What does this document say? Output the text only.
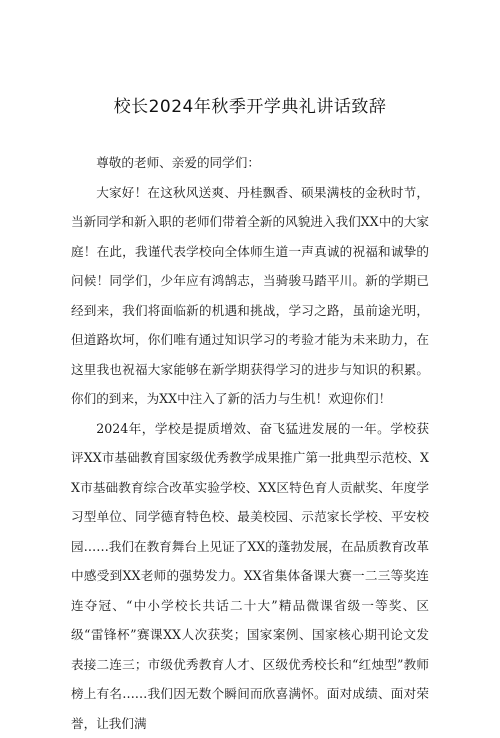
校长2024年秋季开学典礼讲话致辞

尊敬的老师、亲爱的同学们：

大家好！在这秋风送爽、丹桂飘香、硕果满枝的金秋时节，当新同学和新入职的老师们带着全新的风貌进入我们XX中的大家庭！在此，我谨代表学校向全体师生道一声真诚的祝福和诚挚的问候！同学们，少年应有鸿鹄志，当骑骏马踏平川。新的学期已经到来，我们将面临新的机遇和挑战，学习之路，虽前途光明，但道路坎坷，你们唯有通过知识学习的考验才能为未来助力，在这里我也祝福大家能够在新学期获得学习的进步与知识的积累。你们的到来，为XX中注入了新的活力与生机！欢迎你们！

2024年，学校是提质增效、奋飞猛进发展的一年。学校获评XX市基础教育国家级优秀教学成果推广第一批典型示范校、XX市基础教育综合改革实验学校、XX区特色育人贡献奖、年度学习型单位、同学德育特色校、最美校园、示范家长学校、平安校园……我们在教育舞台上见证了XX的蓬勃发展，在品质教育改革中感受到XX老师的强势发力。XX省集体备课大赛一二三等奖连连夺冠、“中小学校长共话二十大”精品微课省级一等奖、区级“雷锋杯”赛课XX人次获奖；国家案例、国家核心期刊论文发表接二连三；市级优秀教育人才、区级优秀校长和“红烛型”教师榜上有名……我们因无数个瞬间而欣喜满怀。面对成绩、面对荣誉，让我们满
